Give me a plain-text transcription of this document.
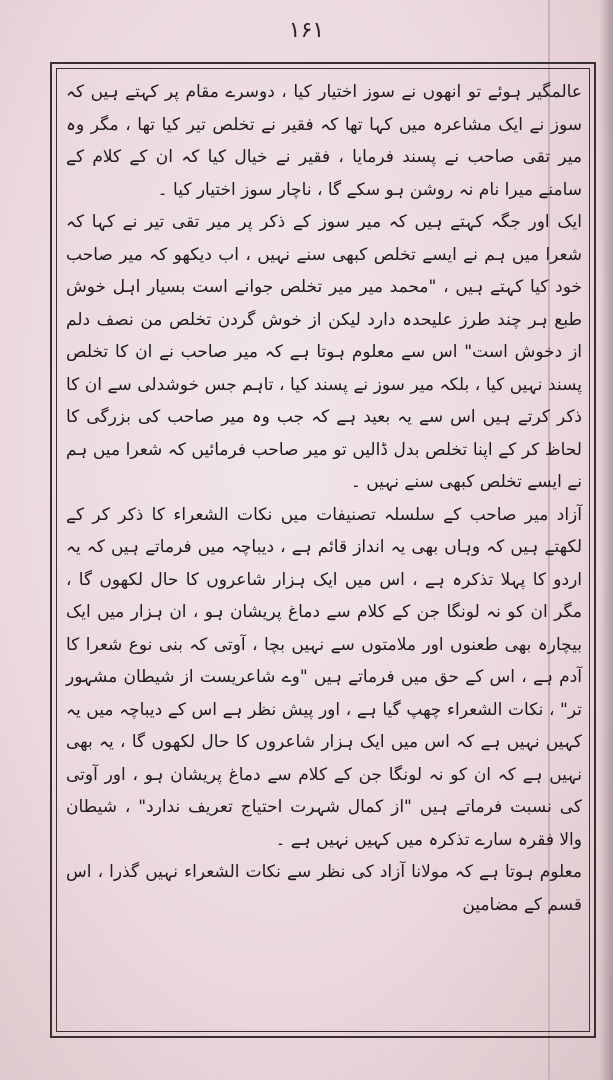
۱۶۱

عالمگیر ہوئے تو انھوں نے سوز اختیار کیا ، دوسرے مقام پر کہتے ہیں کہ سوز نے ایک مشاعرہ میں کہا تھا کہ فقیر نے تخلص تیر کیا تھا ، مگر وہ میر تقی صاحب نے پسند فرمایا ، فقیر نے خیال کیا کہ ان کے کلام کے سامنے میرا نام نہ روشن ہو سکے گا ، ناچار سوز اختیار کیا ۔

ایک اور جگہ کہتے ہیں کہ میر سوز کے ذکر پر میر تقی تیر نے کہا کہ شعرا میں ہم نے ایسے تخلص کبھی سنے نہیں ، اب دیکھو کہ میر صاحب خود کیا کہتے ہیں ، "محمد میر میر تخلص جوانے است بسیار اہل خوش طبع ہر چند طرز علیحدہ دارد لیکن از خوش گردن تخلص من نصف دلم از دخوش است" اس سے معلوم ہوتا ہے کہ میر صاحب نے ان کا تخلص پسند نہیں کیا ، بلکہ میر سوز نے پسند کیا ، تاہم جس خوشدلی سے ان کا ذکر کرتے ہیں اس سے یہ بعید ہے کہ جب وہ میر صاحب کی بزرگی کا لحاظ کر کے اپنا تخلص بدل ڈالیں تو میر صاحب فرمائیں کہ شعرا میں ہم نے ایسے تخلص کبھی سنے نہیں ۔

آزاد میر صاحب کے سلسلہ تصنیفات میں نکات الشعراء کا ذکر کر کے لکھتے ہیں کہ وہاں بھی یہ انداز قائم ہے ، دیباچہ میں فرماتے ہیں کہ یہ اردو کا پہلا تذکرہ ہے ، اس میں ایک ہزار شاعروں کا حال لکھوں گا ، مگر ان کو نہ لونگا جن کے کلام سے دماغ پریشان ہو ، ان ہزار میں ایک بیچارہ بھی طعنوں اور ملامتوں سے نہیں بچا ، آوتی کہ بنی نوع شعرا کا آدم ہے ، اس کے حق میں فرماتے ہیں "وے شاعریست از شیطان مشہور تر" ، نکات الشعراء چھپ گیا ہے ، اور پیش نظر ہے اس کے دیباچہ میں یہ کہیں نہیں ہے کہ اس میں ایک ہزار شاعروں کا حال لکھوں گا ، یہ بھی نہیں ہے کہ ان کو نہ لونگا جن کے کلام سے دماغ پریشان ہو ، اور آوتی کی نسبت فرماتے ہیں "از کمال شہرت احتیاج تعریف ندارد" ، شیطان والا فقرہ سارے تذکرہ میں کہیں نہیں ہے ۔

معلوم ہوتا ہے کہ مولانا آزاد کی نظر سے نکات الشعراء نہیں گذرا ، اس قسم کے مضامین
